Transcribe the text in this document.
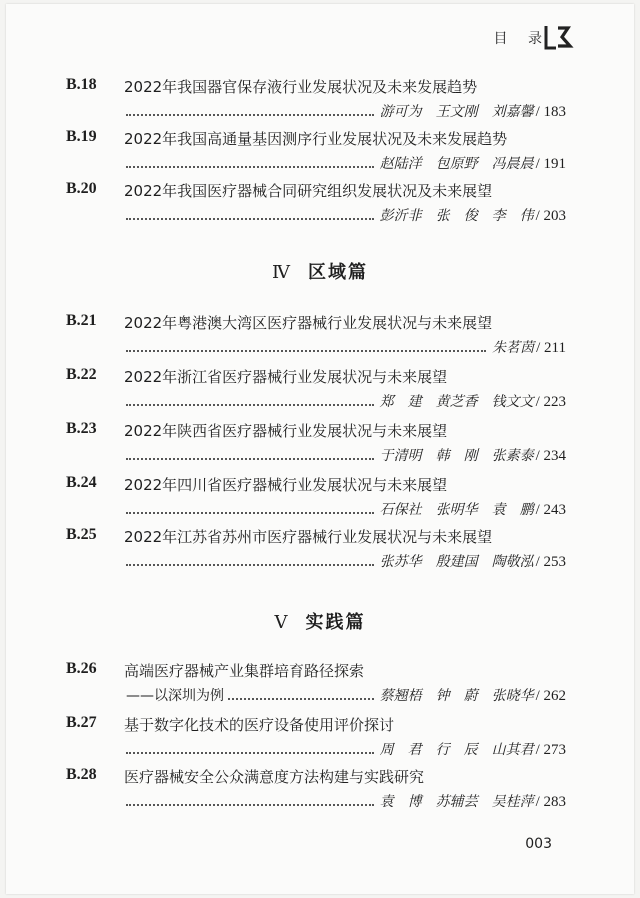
目 录
B.18 2022年我国器官保存液行业发展状况及未来发展趋势
游可为　王文刚　刘嘉馨 / 183
B.19 2022年我国高通量基因测序行业发展状况及未来发展趋势
赵陆洋　包原野　冯晨晨 / 191
B.20 2022年我国医疗器械合同研究组织发展状况及未来展望
彭沂非　张　俊　李　伟 / 203
Ⅳ 区域篇
B.21 2022年粤港澳大湾区医疗器械行业发展状况与未来展望
朱茗茵 / 211
B.22 2022年浙江省医疗器械行业发展状况与未来展望
郑　建　黄芝香　钱文文 / 223
B.23 2022年陕西省医疗器械行业发展状况与未来展望
于清明　韩　刚　张素泰 / 234
B.24 2022年四川省医疗器械行业发展状况与未来展望
石保社　张明华　袁　鹏 / 243
B.25 2022年江苏省苏州市医疗器械行业发展状况与未来展望
张苏华　殷建国　陶敬泓 / 253
Ⅴ 实践篇
B.26 高端医疗器械产业集群培育路径探索
——以深圳为例	蔡翘梧　钟　蔚　张晓华 / 262
B.27 基于数字化技术的医疗设备使用评价探讨
周　君　行　辰　山其君 / 273
B.28 医疗器械安全公众满意度方法构建与实践研究
袁　博　苏辅芸　吴桂萍 / 283
003
